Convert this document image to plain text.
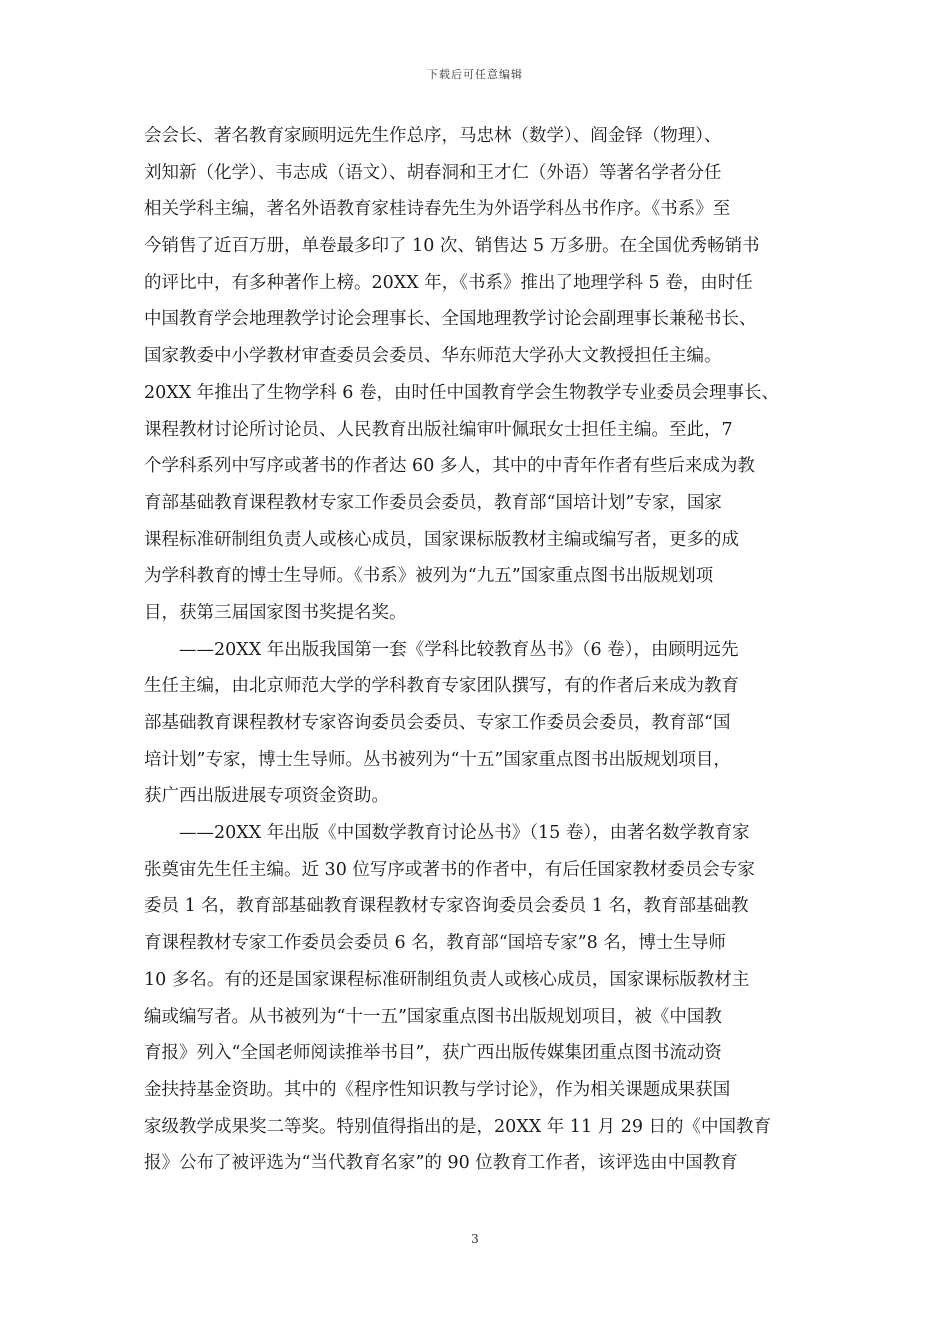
下载后可任意编辑
会会长、著名教育家顾明远先生作总序，马忠林（数学）、阎金铎（物理）、
刘知新（化学）、韦志成（语文）、胡春洞和王才仁（外语）等著名学者分任
相关学科主编，著名外语教育家桂诗春先生为外语学科丛书作序。《书系》至
今销售了近百万册，单卷最多印了 10 次、销售达 5 万多册。在全国优秀畅销书
的评比中，有多种著作上榜。20XX 年，《书系》推出了地理学科 5 卷，由时任
中国教育学会地理教学讨论会理事长、全国地理教学讨论会副理事长兼秘书长、
国家教委中小学教材审查委员会委员、华东师范大学孙大文教授担任主编。
20XX 年推出了生物学科 6 卷，由时任中国教育学会生物教学专业委员会理事长、
课程教材讨论所讨论员、人民教育出版社编审叶佩珉女士担任主编。至此，7
个学科系列中写序或著书的作者达 60 多人，其中的中青年作者有些后来成为教
育部基础教育课程教材专家工作委员会委员，教育部“国培计划”专家，国家
课程标准研制组负责人或核心成员，国家课标版教材主编或编写者，更多的成
为学科教育的博士生导师。《书系》被列为“九五”国家重点图书出版规划项
目，获第三届国家图书奖提名奖。
——20XX 年出版我国第一套《学科比较教育丛书》（6 卷），由顾明远先
生任主编，由北京师范大学的学科教育专家团队撰写，有的作者后来成为教育
部基础教育课程教材专家咨询委员会委员、专家工作委员会委员，教育部“国
培计划”专家，博士生导师。丛书被列为“十五”国家重点图书出版规划项目，
获广西出版进展专项资金资助。
——20XX 年出版《中国数学教育讨论丛书》（15 卷），由著名数学教育家
张奠宙先生任主编。近 30 位写序或著书的作者中，有后任国家教材委员会专家
委员 1 名，教育部基础教育课程教材专家咨询委员会委员 1 名，教育部基础教
育课程教材专家工作委员会委员 6 名，教育部“国培专家”8 名，博士生导师
10 多名。有的还是国家课程标准研制组负责人或核心成员，国家课标版教材主
编或编写者。从书被列为“十一五”国家重点图书出版规划项目，被《中国教
育报》列入“全国老师阅读推举书目”，获广西出版传媒集团重点图书流动资
金扶持基金资助。其中的《程序性知识教与学讨论》，作为相关课题成果获国
家级教学成果奖二等奖。特别值得指出的是，20XX 年 11 月 29 日的《中国教育
报》公布了被评选为“当代教育名家”的 90 位教育工作者，该评选由中国教育
3
